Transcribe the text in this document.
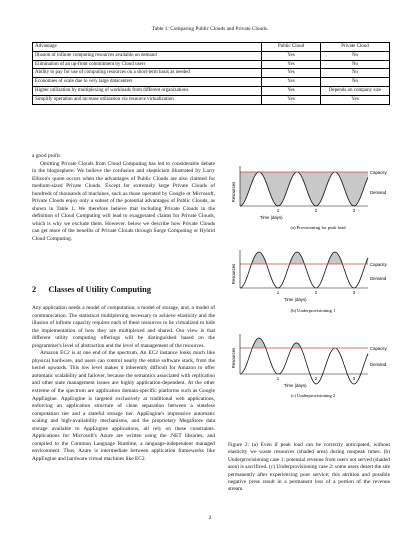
Table 1: Comparing Public Clouds and Private Clouds.
Advantage	Public Cloud	Private Cloud
Illusion of infinite computing resources available on demand	Yes	No
Elimination of an up-front commitment by Cloud users	Yes	No
Ability to pay for use of computing resources on a short-term basis as needed	Yes	No
Economies of scale due to very large datacenters	Yes	No
Higher utilization by multiplexing of workloads from different organizations	Yes	Depends on company size
Simplify operation and increase utilization via resource virtualization	Yes	Yes

a good profit.

Omitting Private Clouds from Cloud Computing has led to considerable debate in the blogosphere. We believe the confusion and skepticism illustrated by Larry Ellison's quote occurs when the advantages of Public Clouds are also claimed for medium-sized Private Clouds. Except for extremely large Private Clouds of hundreds of thousands of machines, such as those operated by Google or Microsoft, Private Clouds enjoy only a subset of the potential advantages of Public Clouds, as shown in Table 1. We therefore believe that including Private Clouds in the definition of Cloud Computing will lead to exaggerated claims for Private Clouds, which is why we exclude them. However, below we describe how Private Clouds can get more of the benefits of Private Clouds through Surge Computing or Hybrid Cloud Computing.

2 Classes of Utility Computing

Any application needs a model of computation, a model of storage, and, a model of communication. The statistical multiplexing necessary to achieve elasticity and the illusion of infinite capacity requires each of these resources to be virtualized to hide the implementation of how they are multiplexed and shared. Our view is that different utility computing offerings will be distinguished based on the programmer's level of abstraction and the level of management of the resources.

Amazon EC2 is at one end of the spectrum. An EC2 instance looks much like physical hardware, and users can control nearly the entire software stack, from the kernel upwards. This low level makes it inherently difficult for Amazon to offer automatic scalability and failover, because the semantics associated with replication and other state management issues are highly application-dependent. At the other extreme of the spectrum are application domain-specific platforms such as Google AppEngine. AppEngine is targeted exclusively at traditional web applications, enforcing an application structure of clean separation between a stateless computation tier and a stateful storage tier. AppEngine's impressive automatic scaling and high-availability mechanisms, and the proprietary MegaStore data storage available to AppEngine applications, all rely on these constraints. Applications for Microsoft's Azure are written using the .NET libraries, and compiled to the Common Language Runtime, a language-independent managed environment. Thus, Azure is intermediate between application frameworks like AppEngine and hardware virtual machines like EC2.

Resources
Capacity
Demand
1	2	3
Time (days)
(a) Provisioning for peak load
Resources	Capacity
Demand
1	2	3
Time (days)
(b) Underprovisioning 1
Resources	Capacity
Demand
1	2	3
Time (days)
(c) Underprovisioning 2
Figure 2: (a) Even if peak load can be correctly anticipated, without elasticity we waste resources (shaded area) during nonpeak times. (b) Underprovisioning case 1: potential revenue from users not served (shaded area) is sacrificed. (c) Underprovisioning case 2: some users desert the site permanently after experiencing poor service; this attrition and possible negative press result in a permanent loss of a portion of the revenue stream.
2
